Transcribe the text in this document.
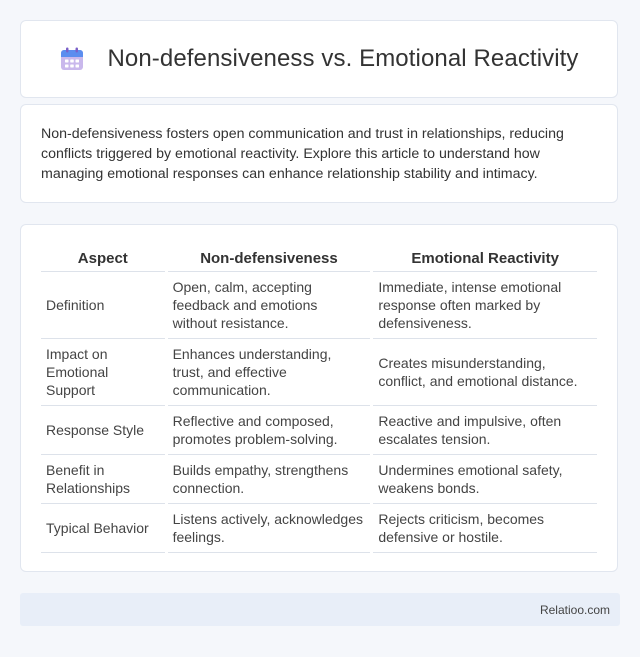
Non-defensiveness vs. Emotional Reactivity

Non-defensiveness fosters open communication and trust in relationships, reducing conflicts triggered by emotional reactivity. Explore this article to understand how managing emotional responses can enhance relationship stability and intimacy.

Aspect	Non-defensiveness	Emotional Reactivity
Definition	Open, calm, accepting feedback and emotions without resistance.	Immediate, intense emotional response often marked by defensiveness.
Impact on Emotional Support	Enhances understanding, trust, and effective communication.	Creates misunderstanding, conflict, and emotional distance.
Response Style	Reflective and composed, promotes problem-solving.	Reactive and impulsive, often escalates tension.
Benefit in Relationships	Builds empathy, strengthens connection.	Undermines emotional safety, weakens bonds.
Typical Behavior	Listens actively, acknowledges feelings.	Rejects criticism, becomes defensive or hostile.
Relatioo.com
